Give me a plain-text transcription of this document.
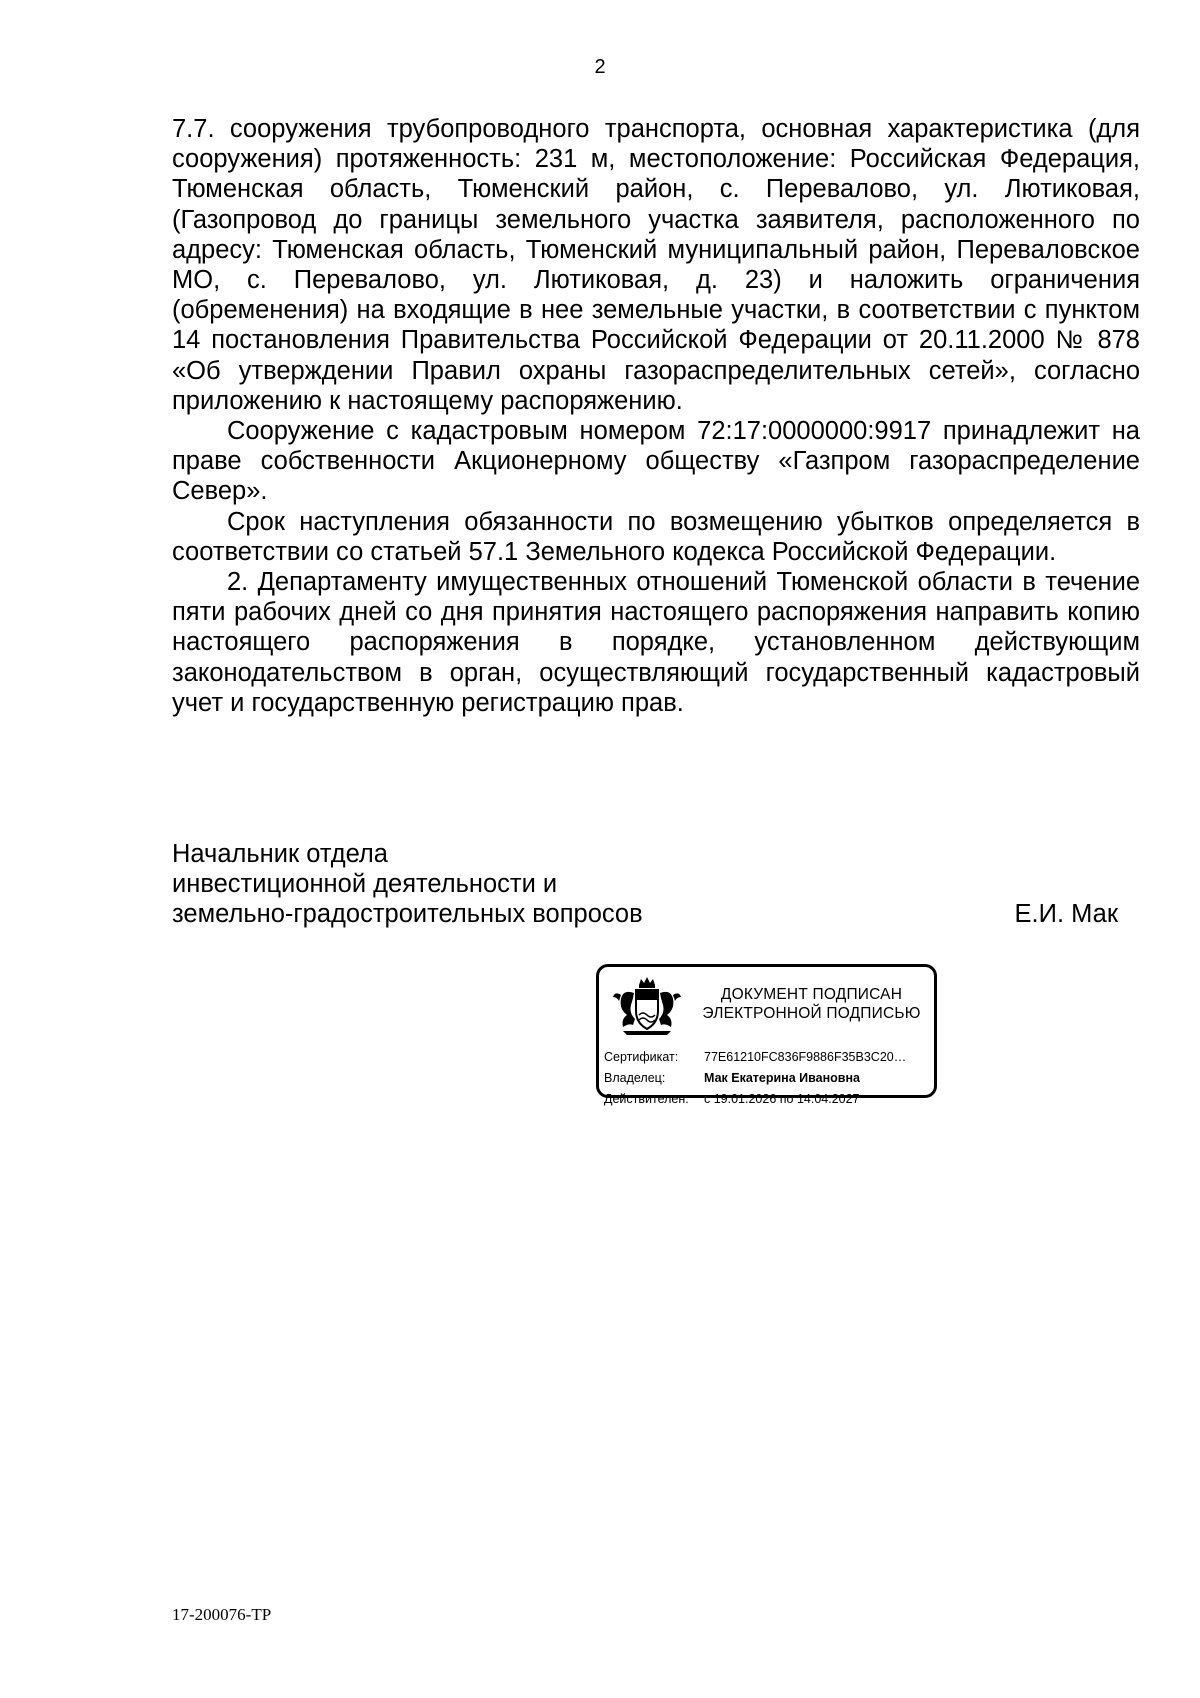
2

7.7. сооружения трубопроводного транспорта, основная характеристика (для сооружения) протяженность: 231 м, местоположение: Российская Федерация, Тюменская область, Тюменский район, с. Перевалово, ул. Лютиковая, (Газопровод до границы земельного участка заявителя, расположенного по адресу: Тюменская область, Тюменский муниципальный район, Переваловское МО, с. Перевалово, ул. Лютиковая, д. 23) и наложить ограничения (обременения) на входящие в нее земельные участки, в соответствии с пунктом 14 постановления Правительства Российской Федерации от 20.11.2000 № 878 «Об утверждении Правил охраны газораспределительных сетей», согласно приложению к настоящему распоряжению.

Сооружение с кадастровым номером 72:17:0000000:9917 принадлежит на праве собственности Акционерному обществу «Газпром газораспределение Север».

Срок наступления обязанности по возмещению убытков определяется в соответствии со статьей 57.1 Земельного кодекса Российской Федерации.

2. Департаменту имущественных отношений Тюменской области в течение пяти рабочих дней со дня принятия настоящего распоряжения направить копию настоящего распоряжения в порядке, установленном действующим законодательством в орган, осуществляющий государственный кадастровый учет и государственную регистрацию прав.

Начальник отдела
инвестиционной деятельности и
земельно-градостроительных вопросов	Е.И. Мак
ДОКУМЕНТ ПОДПИСАН
ЭЛЕКТРОННОЙ ПОДПИСЬЮ
Сертификат:	77E61210FC836F9886F35B3C20…
Владелец:	Мак Екатерина Ивановна
Действителен:	с 19.01.2026 по 14.04.2027
17-200076-ТР
